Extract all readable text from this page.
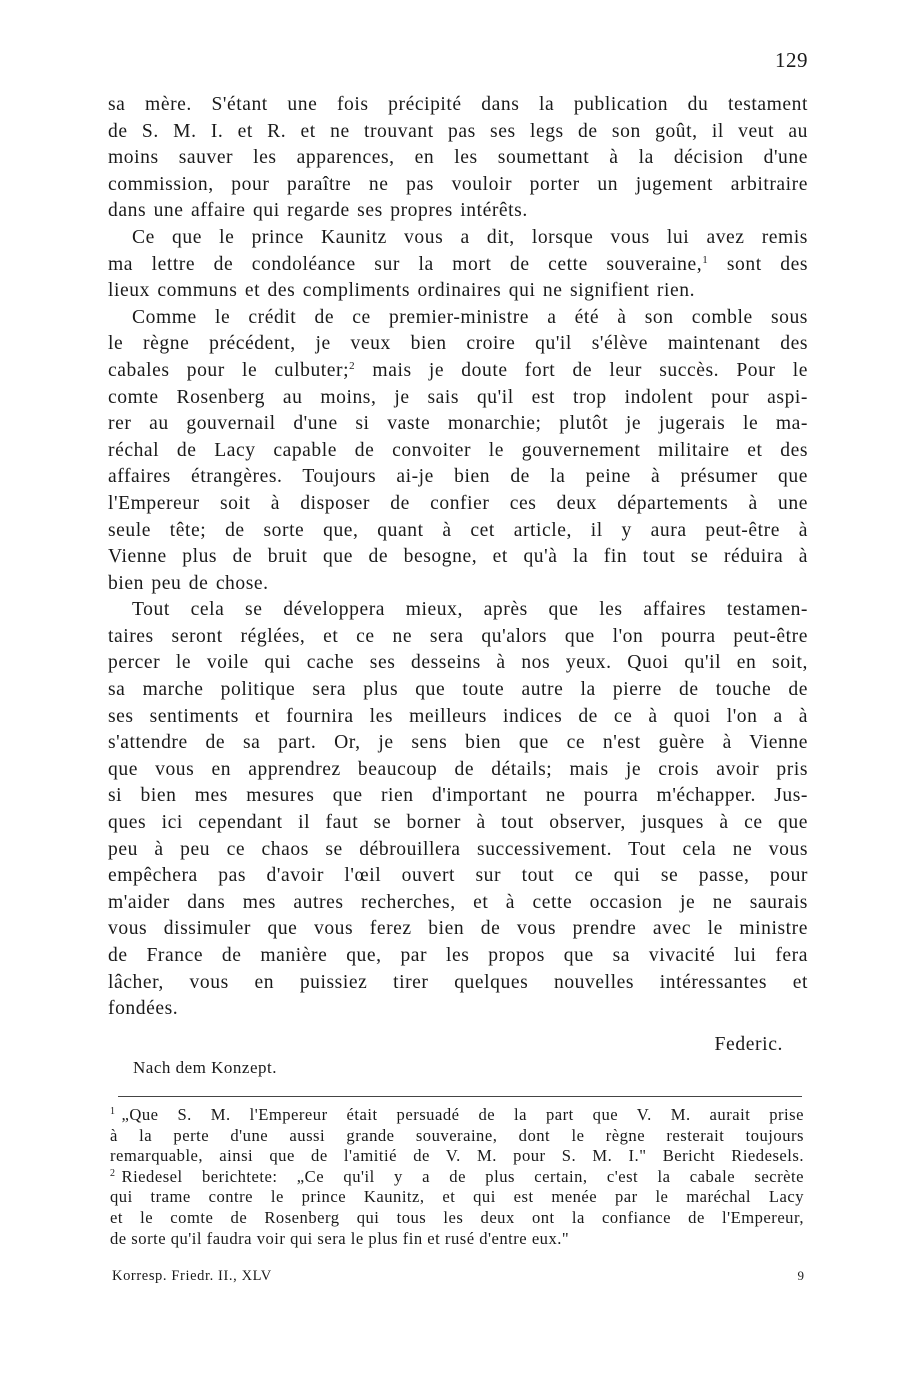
129
sa mère. S'étant une fois précipité dans la publication du testament
de S. M. I. et R. et ne trouvant pas ses legs de son goût, il veut au
moins sauver les apparences, en les soumettant à la décision d'une
commission, pour paraître ne pas vouloir porter un jugement arbitraire
dans une affaire qui regarde ses propres intérêts.
Ce que le prince Kaunitz vous a dit, lorsque vous lui avez remis
ma lettre de condoléance sur la mort de cette souveraine,$^1$ sont des
lieux communs et des compliments ordinaires qui ne signifient rien.
Comme le crédit de ce premier-ministre a été à son comble sous
le règne précédent, je veux bien croire qu'il s'élève maintenant des
cabales pour le culbuter;$^2$ mais je doute fort de leur succès. Pour le
comte Rosenberg au moins, je sais qu'il est trop indolent pour aspi-
rer au gouvernail d'une si vaste monarchie; plutôt je jugerais le ma-
réchal de Lacy capable de convoiter le gouvernement militaire et des
affaires étrangères. Toujours ai-je bien de la peine à présumer que
l'Empereur soit à disposer de confier ces deux départements à une
seule tête; de sorte que, quant à cet article, il y aura peut-être à
Vienne plus de bruit que de besogne, et qu'à la fin tout se réduira à
bien peu de chose.
Tout cela se développera mieux, après que les affaires testamen-
taires seront réglées, et ce ne sera qu'alors que l'on pourra peut-être
percer le voile qui cache ses desseins à nos yeux. Quoi qu'il en soit,
sa marche politique sera plus que toute autre la pierre de touche de
ses sentiments et fournira les meilleurs indices de ce à quoi l'on a à
s'attendre de sa part. Or, je sens bien que ce n'est guère à Vienne
que vous en apprendrez beaucoup de détails; mais je crois avoir pris
si bien mes mesures que rien d'important ne pourra m'échapper. Jus-
ques ici cependant il faut se borner à tout observer, jusques à ce que
peu à peu ce chaos se débrouillera successivement. Tout cela ne vous
empêchera pas d'avoir l'œil ouvert sur tout ce qui se passe, pour
m'aider dans mes autres recherches, et à cette occasion je ne saurais
vous dissimuler que vous ferez bien de vous prendre avec le ministre
de France de manière que, par les propos que sa vivacité lui fera
lâcher, vous en puissiez tirer quelques nouvelles intéressantes et
fondées.
Federic.
Nach dem Konzept.
$^1$ „Que S. M. l'Empereur était persuadé de la part que V. M. aurait prise
à la perte d'une aussi grande souveraine, dont le règne resterait toujours
remarquable, ainsi que de l'amitié de V. M. pour S. M. I." Bericht Riedesels.
$^2$ Riedesel berichtete: „Ce qu'il y a de plus certain, c'est la cabale secrète
qui trame contre le prince Kaunitz, et qui est menée par le maréchal Lacy
et le comte de Rosenberg qui tous les deux ont la confiance de l'Empereur,
de sorte qu'il faudra voir qui sera le plus fin et rusé d'entre eux."
Korresp. Friedr. II., XLV	9
